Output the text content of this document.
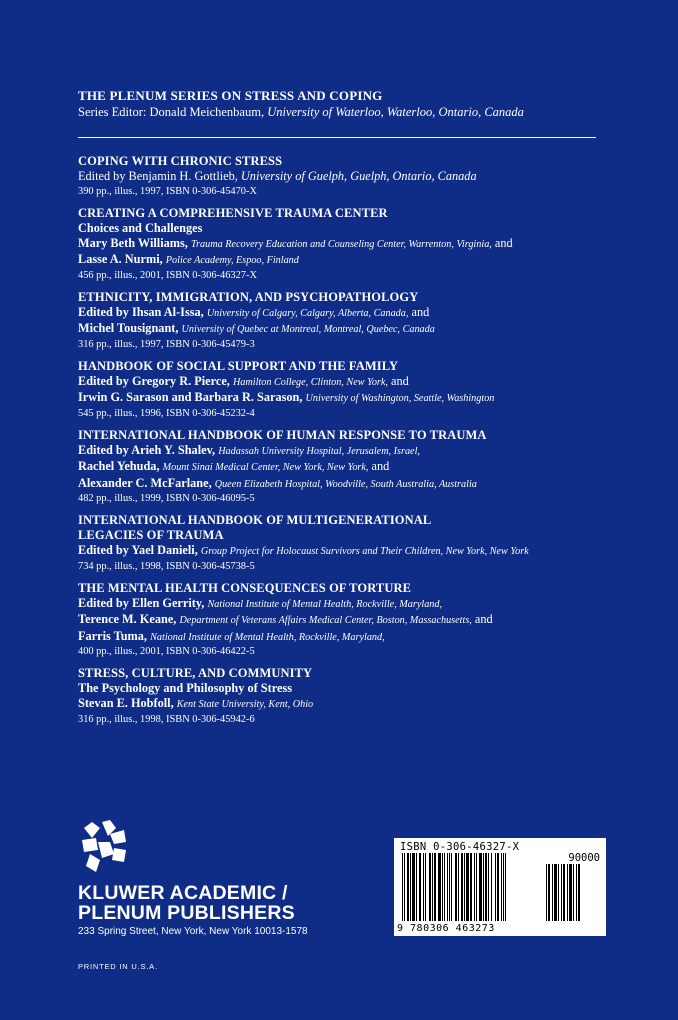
THE PLENUM SERIES ON STRESS AND COPING
Series Editor: Donald Meichenbaum, University of Waterloo, Waterloo, Ontario, Canada
COPING WITH CHRONIC STRESS
Edited by Benjamin H. Gottlieb, University of Guelph, Guelph, Ontario, Canada
390 pp., illus., 1997, ISBN 0-306-45470-X
CREATING A COMPREHENSIVE TRAUMA CENTER
Choices and Challenges
Mary Beth Williams, Trauma Recovery Education and Counseling Center, Warrenton, Virginia, and
Lasse A. Nurmi, Police Academy, Espoo, Finland
456 pp., illus., 2001, ISBN 0-306-46327-X
ETHNICITY, IMMIGRATION, AND PSYCHOPATHOLOGY
Edited by Ihsan Al-Issa, University of Calgary, Calgary, Alberta, Canada, and
Michel Tousignant, University of Quebec at Montreal, Montreal, Quebec, Canada
316 pp., illus., 1997, ISBN 0-306-45479-3
HANDBOOK OF SOCIAL SUPPORT AND THE FAMILY
Edited by Gregory R. Pierce, Hamilton College, Clinton, New York, and
Irwin G. Sarason and Barbara R. Sarason, University of Washington, Seattle, Washington
545 pp., illus., 1996, ISBN 0-306-45232-4
INTERNATIONAL HANDBOOK OF HUMAN RESPONSE TO TRAUMA
Edited by Arieh Y. Shalev, Hadassah University Hospital, Jerusalem, Israel,
Rachel Yehuda, Mount Sinai Medical Center, New York, New York, and
Alexander C. McFarlane, Queen Elizabeth Hospital, Woodville, South Australia, Australia
482 pp., illus., 1999, ISBN 0-306-46095-5
INTERNATIONAL HANDBOOK OF MULTIGENERATIONAL
LEGACIES OF TRAUMA
Edited by Yael Danieli, Group Project for Holocaust Survivors and Their Children, New York, New York
734 pp., illus., 1998, ISBN 0-306-45738-5
THE MENTAL HEALTH CONSEQUENCES OF TORTURE
Edited by Ellen Gerrity, National Institute of Mental Health, Rockville, Maryland,
Terence M. Keane, Department of Veterans Affairs Medical Center, Boston, Massachusetts, and
Farris Tuma, National Institute of Mental Health, Rockville, Maryland,
400 pp., illus., 2001, ISBN 0-306-46422-5
STRESS, CULTURE, AND COMMUNITY
The Psychology and Philosophy of Stress
Stevan E. Hobfoll, Kent State University, Kent, Ohio
316 pp., illus., 1998, ISBN 0-306-45942-6
KLUWER ACADEMIC /
PLENUM PUBLISHERS
233 Spring Street, New York, New York 10013-1578
PRINTED IN U.S.A.
ISBN 0-306-46327-X
90000
9 780306 463273
